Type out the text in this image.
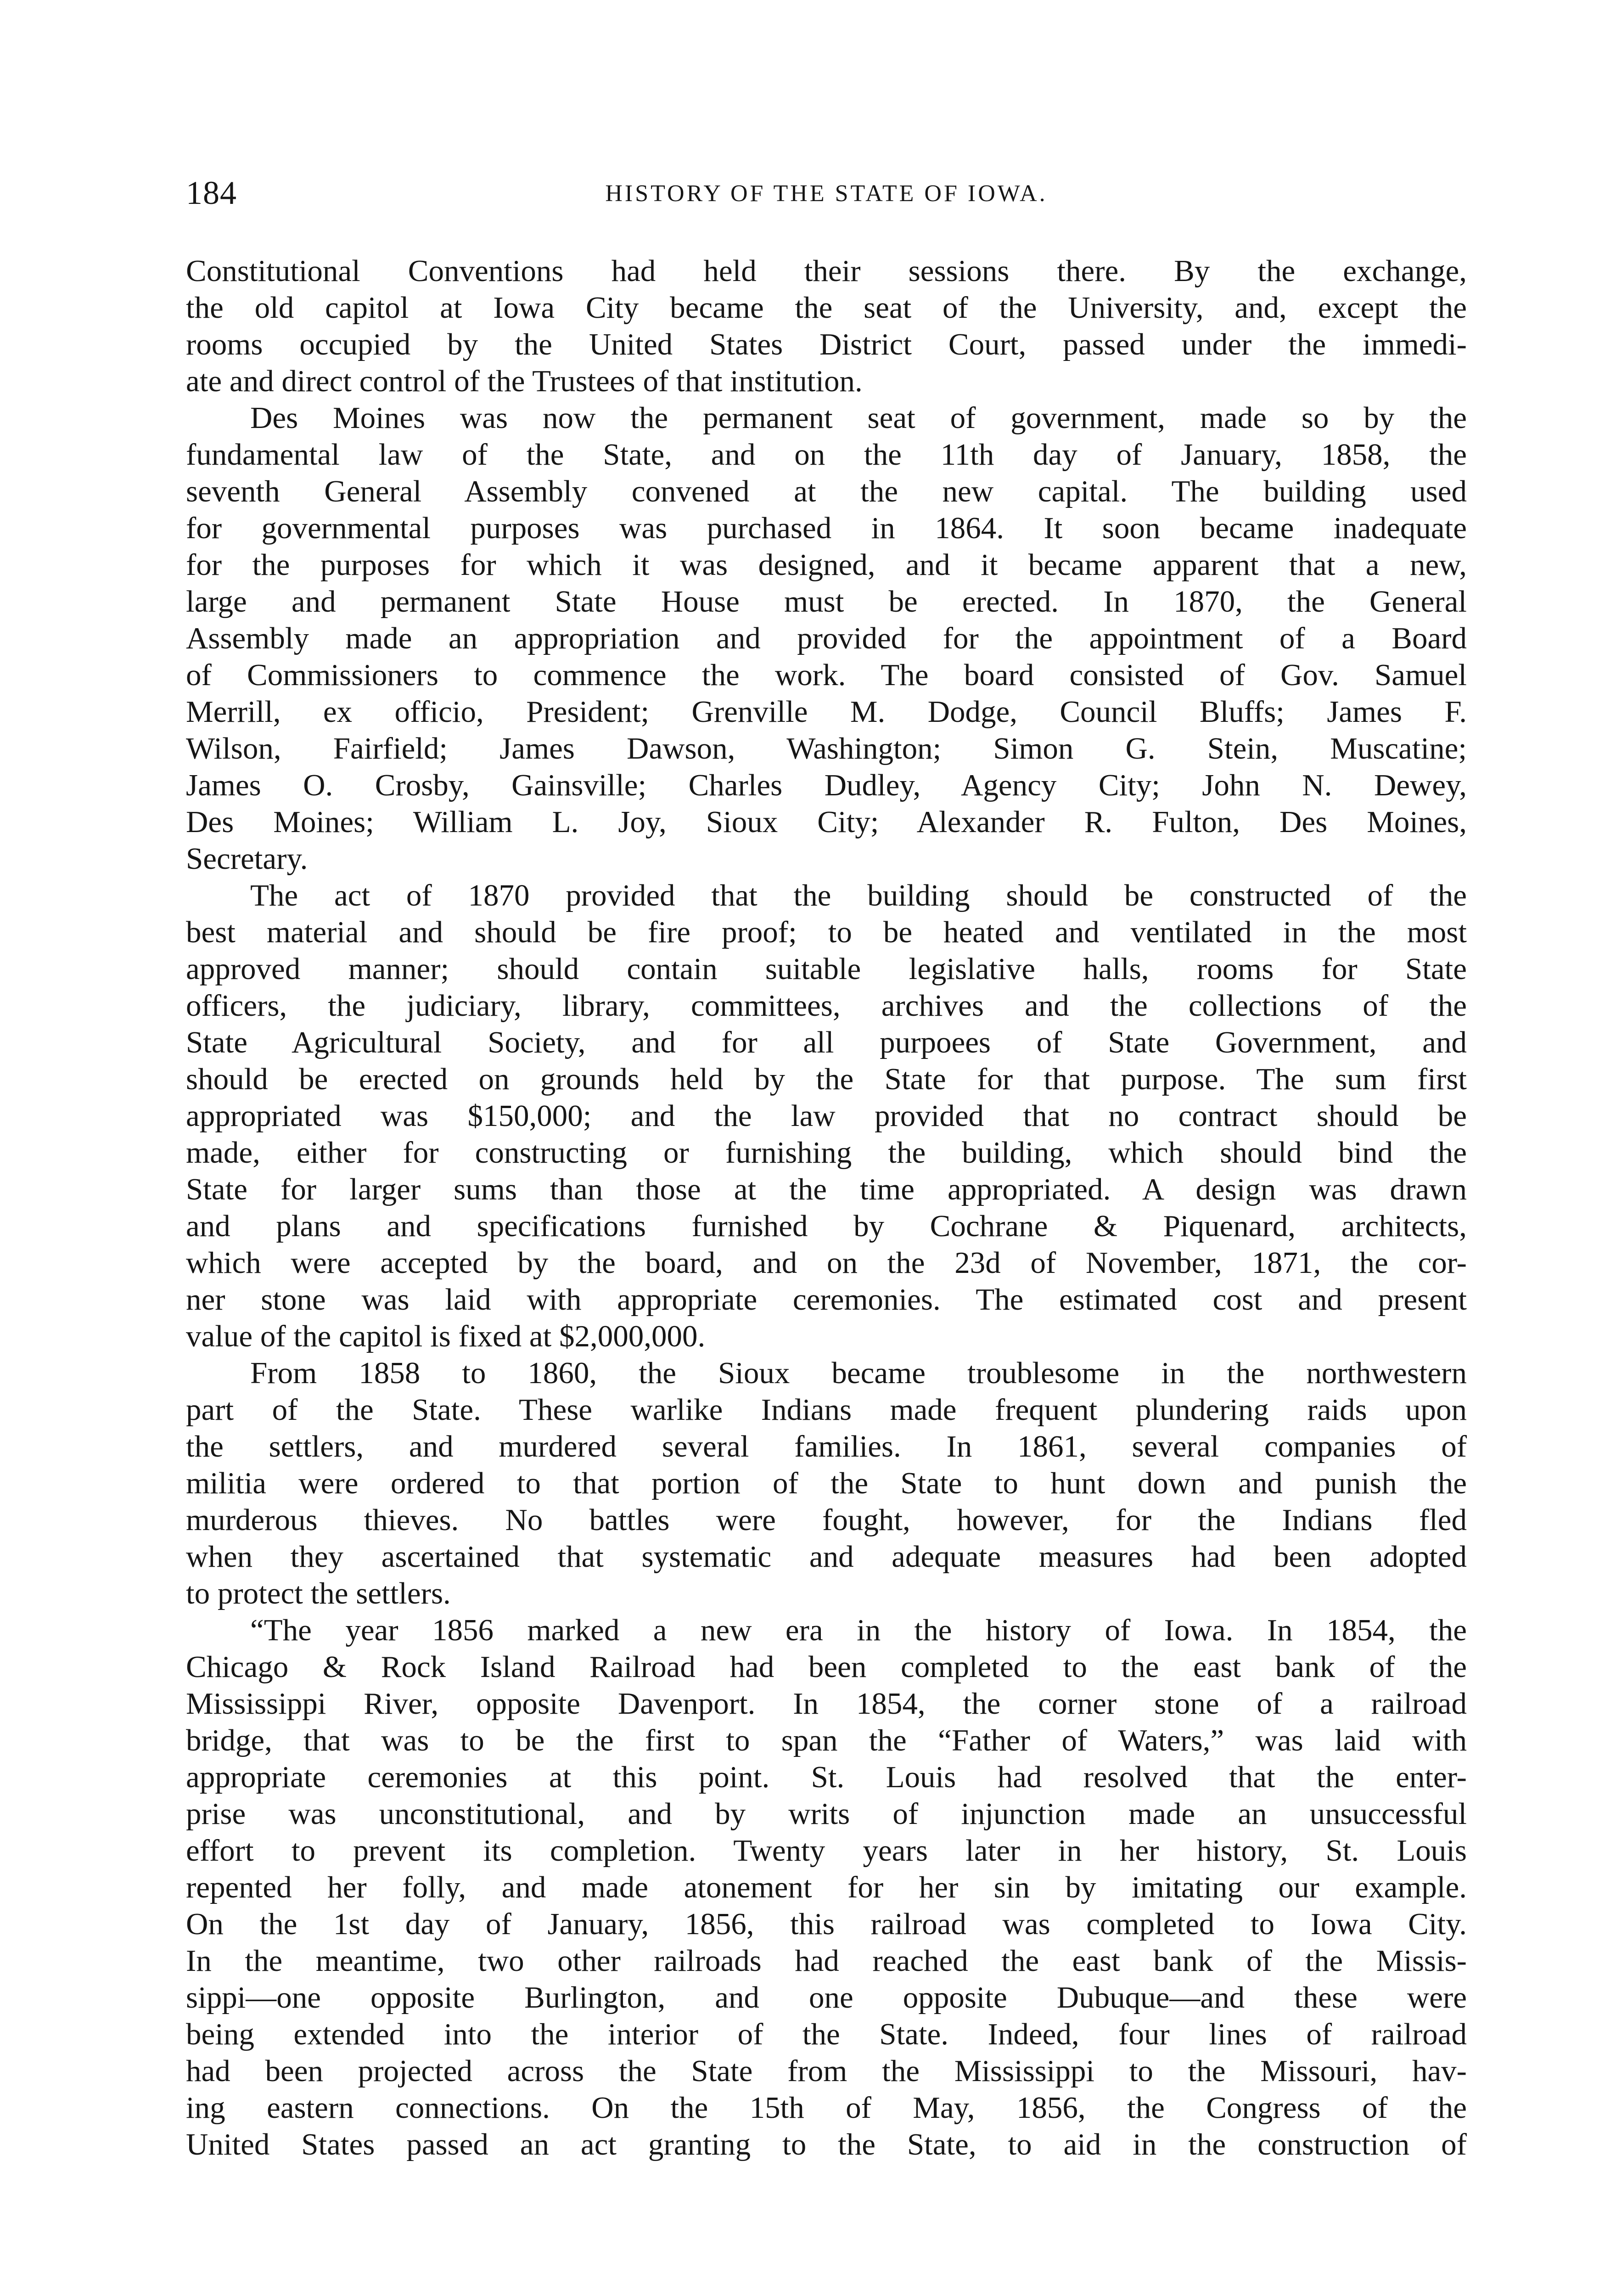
184	HISTORY OF THE STATE OF IOWA.
Constitutional Conventions had held their sessions there. By the exchange,
the old capitol at Iowa City became the seat of the University, and, except the
rooms occupied by the United States District Court, passed under the immedi-
ate and direct control of the Trustees of that institution.
Des Moines was now the permanent seat of government, made so by the
fundamental law of the State, and on the 11th day of January, 1858, the
seventh General Assembly convened at the new capital. The building used
for governmental purposes was purchased in 1864. It soon became inadequate
for the purposes for which it was designed, and it became apparent that a new,
large and permanent State House must be erected. In 1870, the General
Assembly made an appropriation and provided for the appointment of a Board
of Commissioners to commence the work. The board consisted of Gov. Samuel
Merrill, ex officio, President; Grenville M. Dodge, Council Bluffs; James F.
Wilson, Fairfield; James Dawson, Washington; Simon G. Stein, Muscatine;
James O. Crosby, Gainsville; Charles Dudley, Agency City; John N. Dewey,
Des Moines; William L. Joy, Sioux City; Alexander R. Fulton, Des Moines,
Secretary.
The act of 1870 provided that the building should be constructed of the
best material and should be fire proof; to be heated and ventilated in the most
approved manner; should contain suitable legislative halls, rooms for State
officers, the judiciary, library, committees, archives and the collections of the
State Agricultural Society, and for all purpoees of State Government, and
should be erected on grounds held by the State for that purpose. The sum first
appropriated was $150,000; and the law provided that no contract should be
made, either for constructing or furnishing the building, which should bind the
State for larger sums than those at the time appropriated. A design was drawn
and plans and specifications furnished by Cochrane & Piquenard, architects,
which were accepted by the board, and on the 23d of November, 1871, the cor-
ner stone was laid with appropriate ceremonies. The estimated cost and present
value of the capitol is fixed at $2,000,000.
From 1858 to 1860, the Sioux became troublesome in the northwestern
part of the State. These warlike Indians made frequent plundering raids upon
the settlers, and murdered several families. In 1861, several companies of
militia were ordered to that portion of the State to hunt down and punish the
murderous thieves. No battles were fought, however, for the Indians fled
when they ascertained that systematic and adequate measures had been adopted
to protect the settlers.
“The year 1856 marked a new era in the history of Iowa. In 1854, the
Chicago & Rock Island Railroad had been completed to the east bank of the
Mississippi River, opposite Davenport. In 1854, the corner stone of a railroad
bridge, that was to be the first to span the “Father of Waters,” was laid with
appropriate ceremonies at this point. St. Louis had resolved that the enter-
prise was unconstitutional, and by writs of injunction made an unsuccessful
effort to prevent its completion. Twenty years later in her history, St. Louis
repented her folly, and made atonement for her sin by imitating our example.
On the 1st day of January, 1856, this railroad was completed to Iowa City.
In the meantime, two other railroads had reached the east bank of the Missis-
sippi—one opposite Burlington, and one opposite Dubuque—and these were
being extended into the interior of the State. Indeed, four lines of railroad
had been projected across the State from the Mississippi to the Missouri, hav-
ing eastern connections. On the 15th of May, 1856, the Congress of the
United States passed an act granting to the State, to aid in the construction of
